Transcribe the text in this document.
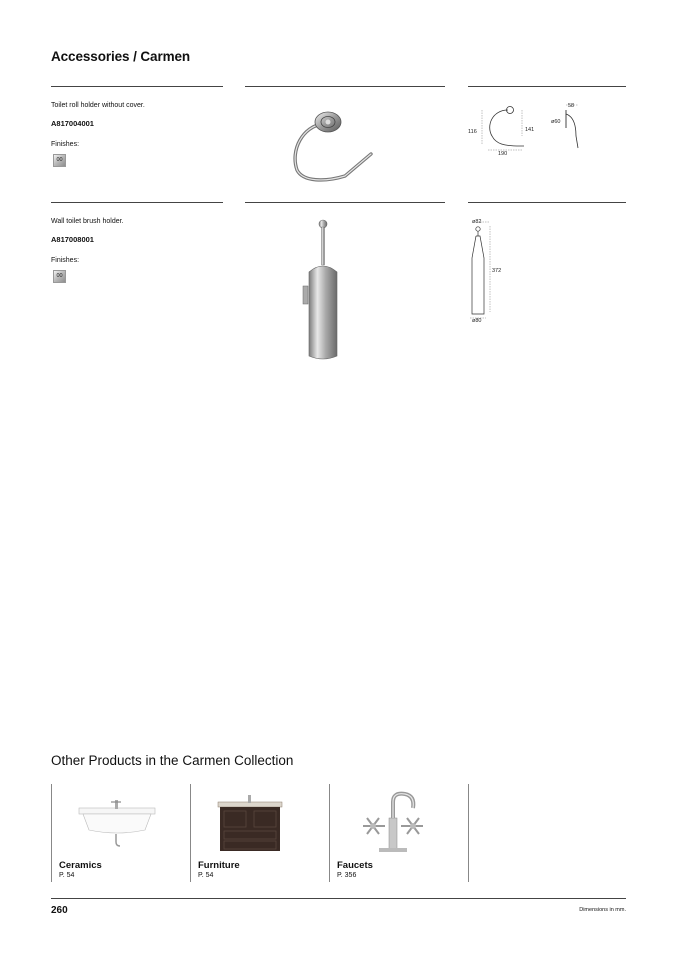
Accessories / Carmen
Toilet roll holder without cover.
A817004001
Finishes:
00
116	141
190
58
ø60
Wall toilet brush holder.
A817008001
Finishes:
00
ø82
372
ø80
Other Products in the Carmen Collection
Ceramics
P. 54
Furniture
P. 54
Faucets
P. 356
260	Dimensions in mm.
